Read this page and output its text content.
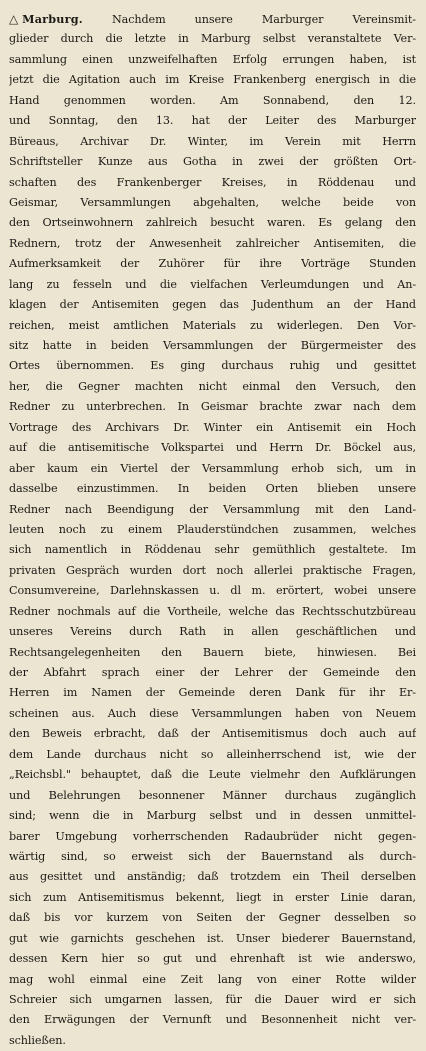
△ Marburg.	Nachdem unsere Marburger Vereinsmit-
glieder durch die letzte in Marburg selbst veranstaltete Ver-
sammlung einen unzweifelhaften Erfolg errungen haben, ist
jetzt die Agitation auch im Kreise Frankenberg energisch in die
Hand genommen worden. Am Sonnabend, den 12.
und Sonntag, den 13. hat der Leiter des Marburger
Büreaus, Archivar Dr. Winter, im Verein mit Herrn
Schriftsteller Kunze aus Gotha in zwei der größten Ort-
schaften des Frankenberger Kreises, in Röddenau und
Geismar, Versammlungen abgehalten, welche beide von
den Ortseinwohnern zahlreich besucht waren. Es gelang den
Rednern, trotz der Anwesenheit zahlreicher Antisemiten, die
Aufmerksamkeit der Zuhörer für ihre Vorträge Stunden
lang zu fesseln und die vielfachen Verleumdungen und An-
klagen der Antisemiten gegen das Judenthum an der Hand
reichen, meist amtlichen Materials zu widerlegen. Den Vor-
sitz hatte in beiden Versammlungen der Bürgermeister des
Ortes übernommen. Es ging durchaus ruhig und gesittet
her, die Gegner machten nicht einmal den Versuch, den
Redner zu unterbrechen. In Geismar brachte zwar nach dem
Vortrage des Archivars Dr. Winter ein Antisemit ein Hoch
auf die antisemitische Volkspartei und Herrn Dr. Böckel aus,
aber kaum ein Viertel der Versammlung erhob sich, um in
dasselbe einzustimmen. In beiden Orten blieben unsere
Redner nach Beendigung der Versammlung mit den Land-
leuten noch zu einem Plauderstündchen zusammen, welches
sich namentlich in Röddenau sehr gemüthlich gestaltete. Im
privaten Gespräch wurden dort noch allerlei praktische Fragen,
Consumvereine, Darlehnskassen u. dl m. erörtert, wobei unsere
Redner nochmals auf die Vortheile, welche das Rechtsschutzbüreau
unseres Vereins durch Rath in allen geschäftlichen und
Rechtsangelegenheiten den Bauern biete, hinwiesen. Bei
der Abfahrt sprach einer der Lehrer der Gemeinde den
Herren im Namen der Gemeinde deren Dank für ihr Er-
scheinen aus. Auch diese Versammlungen haben von Neuem
den Beweis erbracht, daß der Antisemitismus doch auch auf
dem Lande durchaus nicht so alleinherrschend ist, wie der
„Reichsbl." behauptet, daß die Leute vielmehr den Aufklärungen
und Belehrungen besonnener Männer durchaus zugänglich
sind; wenn die in Marburg selbst und in dessen unmittel-
barer Umgebung vorherrschenden Radaubrüder nicht gegen-
wärtig sind, so erweist sich der Bauernstand als durch-
aus gesittet und anständig; daß trotzdem ein Theil derselben
sich zum Antisemitismus bekennt, liegt in erster Linie daran,
daß bis vor kurzem von Seiten der Gegner desselben so
gut wie garnichts geschehen ist. Unser biederer Bauernstand,
dessen Kern hier so gut und ehrenhaft ist wie anderswo,
mag wohl einmal eine Zeit lang von einer Rotte wilder
Schreier sich umgarnen lassen, für die Dauer wird er sich
den Erwägungen der Vernunft und Besonnenheit nicht ver-
schließen.
